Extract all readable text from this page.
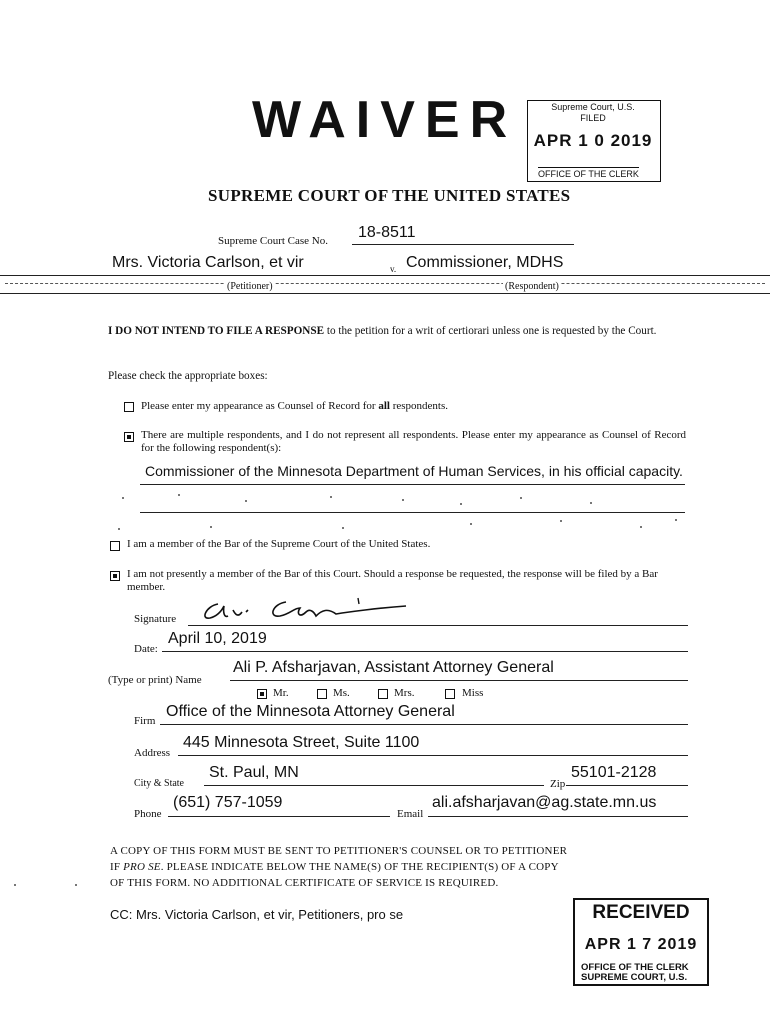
WAIVER	Supreme Court, U.S.
FILED
APR 1 0 2019
OFFICE OF THE CLERK
SUPREME COURT OF THE UNITED STATES
Supreme Court Case No. 18-8511
Mrs. Victoria Carlson, et vir	v. Commissioner, MDHS
(Petitioner)	(Respondent)
I DO NOT INTEND TO FILE A RESPONSE to the petition for a writ of certiorari unless one is requested by the Court.
Please check the appropriate boxes:
Please enter my appearance as Counsel of Record for all respondents.
There are multiple respondents, and I do not represent all respondents. Please enter my appearance as Counsel of Record for the following respondent(s):
Commissioner of the Minnesota Department of Human Services, in his official capacity.
I am a member of the Bar of the Supreme Court of the United States.
I am not presently a member of the Bar of this Court. Should a response be requested, the response will be filed by a Bar member.
Signature
Date:
April 10, 2019
(Type or print) Name
Ali P. Afsharjavan, Assistant Attorney General
Mr.	Ms.	Mrs.	Miss
Firm
Office of the Minnesota Attorney General
Address
445 Minnesota Street, Suite 1100
City & State
St. Paul, MN
Zip
55101-2128
Phone
(651) 757-1059
Email
ali.afsharjavan@ag.state.mn.us
A COPY OF THIS FORM MUST BE SENT TO PETITIONER'S COUNSEL OR TO PETITIONER
IF PRO SE. PLEASE INDICATE BELOW THE NAME(S) OF THE RECIPIENT(S) OF A COPY
OF THIS FORM. NO ADDITIONAL CERTIFICATE OF SERVICE IS REQUIRED.
CC: Mrs. Victoria Carlson, et vir, Petitioners, pro se	RECEIVED
APR 1 7 2019
OFFICE OF THE CLERK
SUPREME COURT, U.S.
